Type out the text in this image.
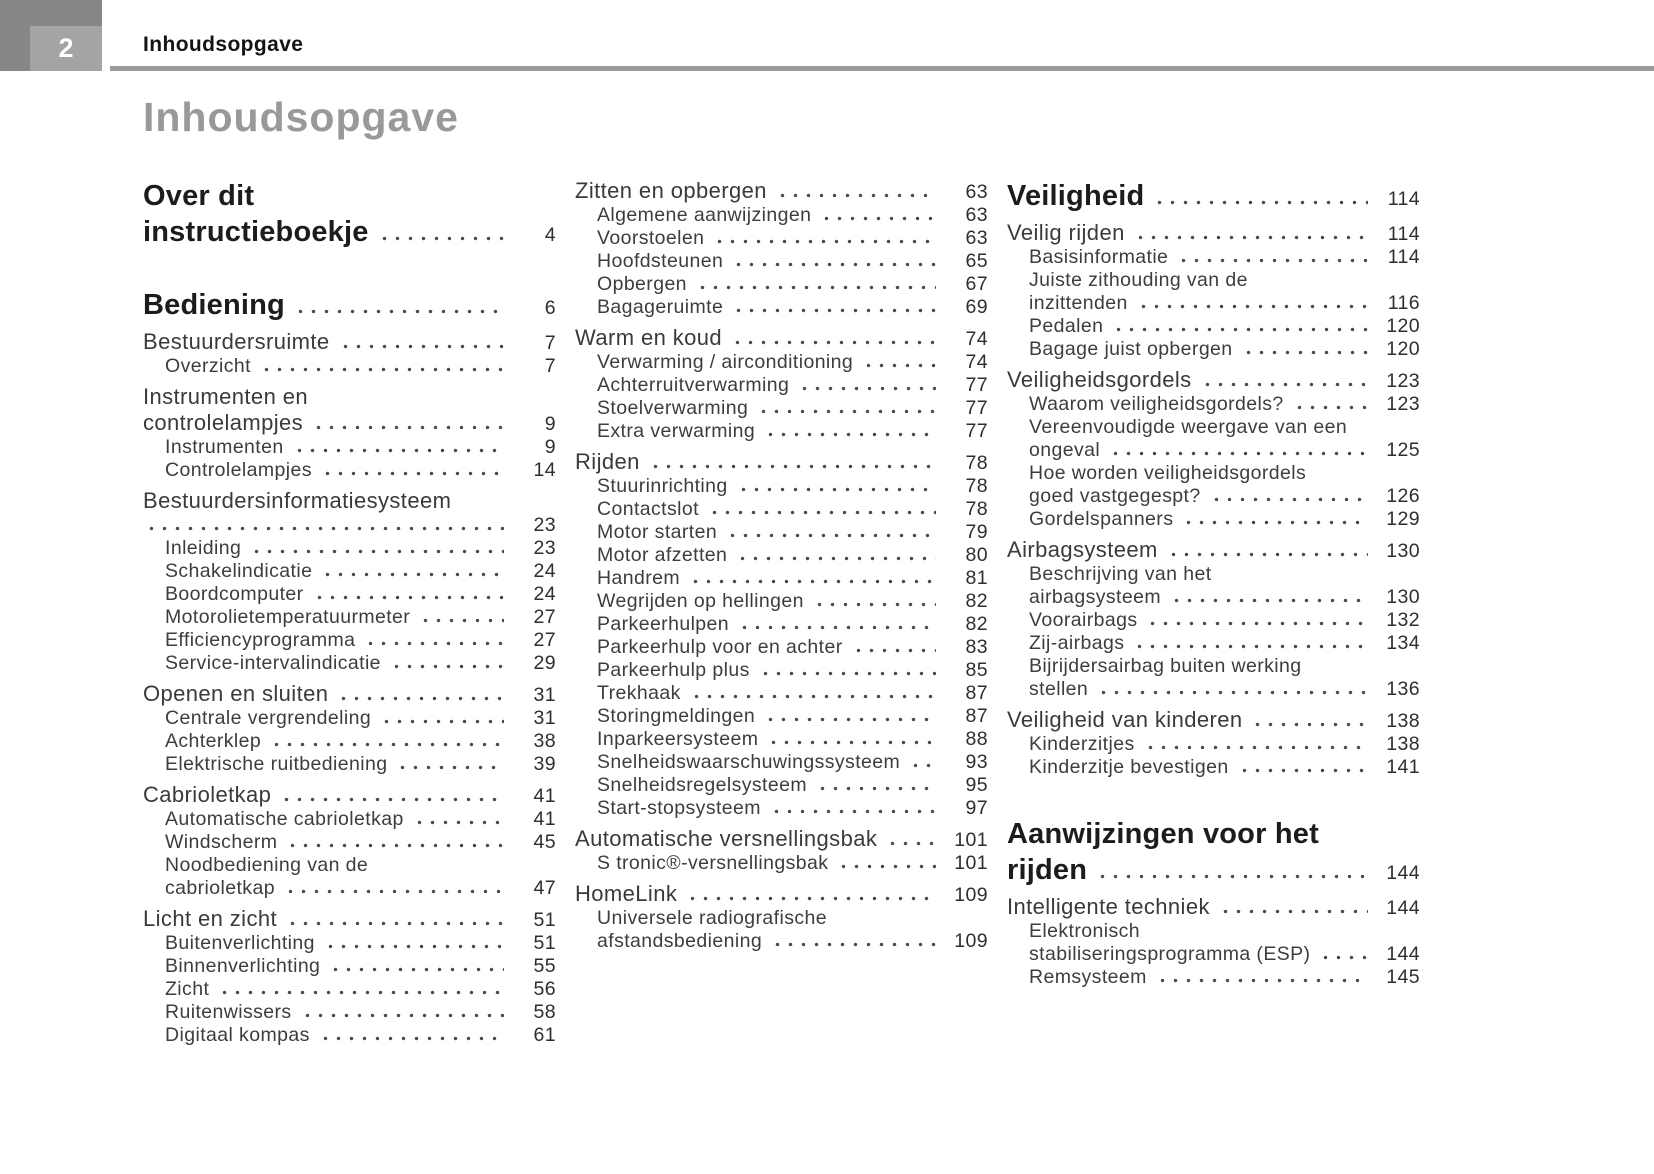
2	Inhoudsopgave
Inhoudsopgave
Over dit
instructieboekje	4
Bediening	6
Bestuurdersruimte	7
Overzicht	7
Instrumenten en
controlelampjes	9
Instrumenten	9
Controlelampjes	14
Bestuurdersinformatiesysteem
23
Inleiding	23
Schakelindicatie	24
Boordcomputer	24
Motorolietemperatuurmeter	27
Efficiencyprogramma	27
Service-intervalindicatie	29
Openen en sluiten	31
Centrale vergrendeling	31
Achterklep	38
Elektrische ruitbediening	39
Cabrioletkap	41
Automatische cabrioletkap	41
Windscherm	45
Noodbediening van de
cabrioletkap	47
Licht en zicht	51
Buitenverlichting	51
Binnenverlichting	55
Zicht	56
Ruitenwissers	58
Digitaal kompas	61
Zitten en opbergen	63
Algemene aanwijzingen	63
Voorstoelen	63
Hoofdsteunen	65
Opbergen	67
Bagageruimte	69
Warm en koud	74
Verwarming / airconditioning	74
Achterruitverwarming	77
Stoelverwarming	77
Extra verwarming	77
Rijden	78
Stuurinrichting	78
Contactslot	78
Motor starten	79
Motor afzetten	80
Handrem	81
Wegrijden op hellingen	82
Parkeerhulpen	82
Parkeerhulp voor en achter	83
Parkeerhulp plus	85
Trekhaak	87
Storingmeldingen	87
Inparkeersysteem	88
Snelheidswaarschuwingssysteem	93
Snelheidsregelsysteem	95
Start-stopsysteem	97
Automatische versnellingsbak	101
S tronic®-versnellingsbak	101
HomeLink	109
Universele radiografische
afstandsbediening	109
Veiligheid	114
Veilig rijden	114
Basisinformatie	114
Juiste zithouding van de
inzittenden	116
Pedalen	120
Bagage juist opbergen	120
Veiligheidsgordels	123
Waarom veiligheidsgordels?	123
Vereenvoudigde weergave van een
ongeval	125
Hoe worden veiligheidsgordels
goed vastgegespt?	126
Gordelspanners	129
Airbagsysteem	130
Beschrijving van het
airbagsysteem	130
Voorairbags	132
Zij-airbags	134
Bijrijdersairbag buiten werking
stellen	136
Veiligheid van kinderen	138
Kinderzitjes	138
Kinderzitje bevestigen	141
Aanwijzingen voor het
rijden	144
Intelligente techniek	144
Elektronisch
stabiliseringsprogramma (ESP)	144
Remsysteem	145
